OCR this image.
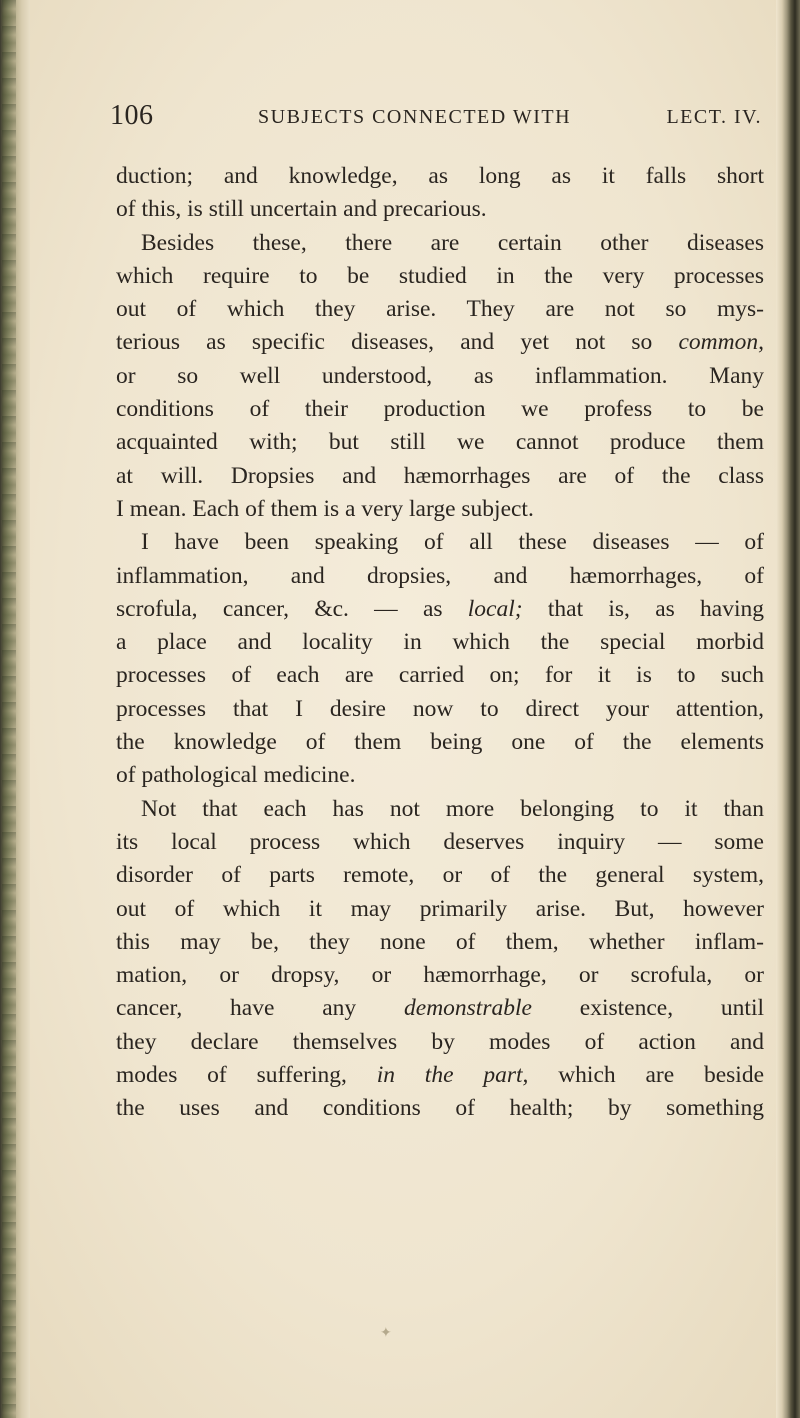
106	SUBJECTS CONNECTED WITH	LECT. IV.
duction; and knowledge, as long as it falls short
of this, is still uncertain and precarious.
Besides these, there are certain other diseases
which require to be studied in the very processes
out of which they arise. They are not so mys-
terious as specific diseases, and yet not so common,
or so well understood, as inflammation. Many
conditions of their production we profess to be
acquainted with; but still we cannot produce them
at will. Dropsies and hæmorrhages are of the class
I mean. Each of them is a very large subject.
I have been speaking of all these diseases — of
inflammation, and dropsies, and hæmorrhages, of
scrofula, cancer, &c. — as local; that is, as having
a place and locality in which the special morbid
processes of each are carried on; for it is to such
processes that I desire now to direct your attention,
the knowledge of them being one of the elements
of pathological medicine.
Not that each has not more belonging to it than
its local process which deserves inquiry — some
disorder of parts remote, or of the general system,
out of which it may primarily arise. But, however
this may be, they none of them, whether inflam-
mation, or dropsy, or hæmorrhage, or scrofula, or
cancer, have any demonstrable existence, until
they declare themselves by modes of action and
modes of suffering, in the part, which are beside
the uses and conditions of health; by something
✦
